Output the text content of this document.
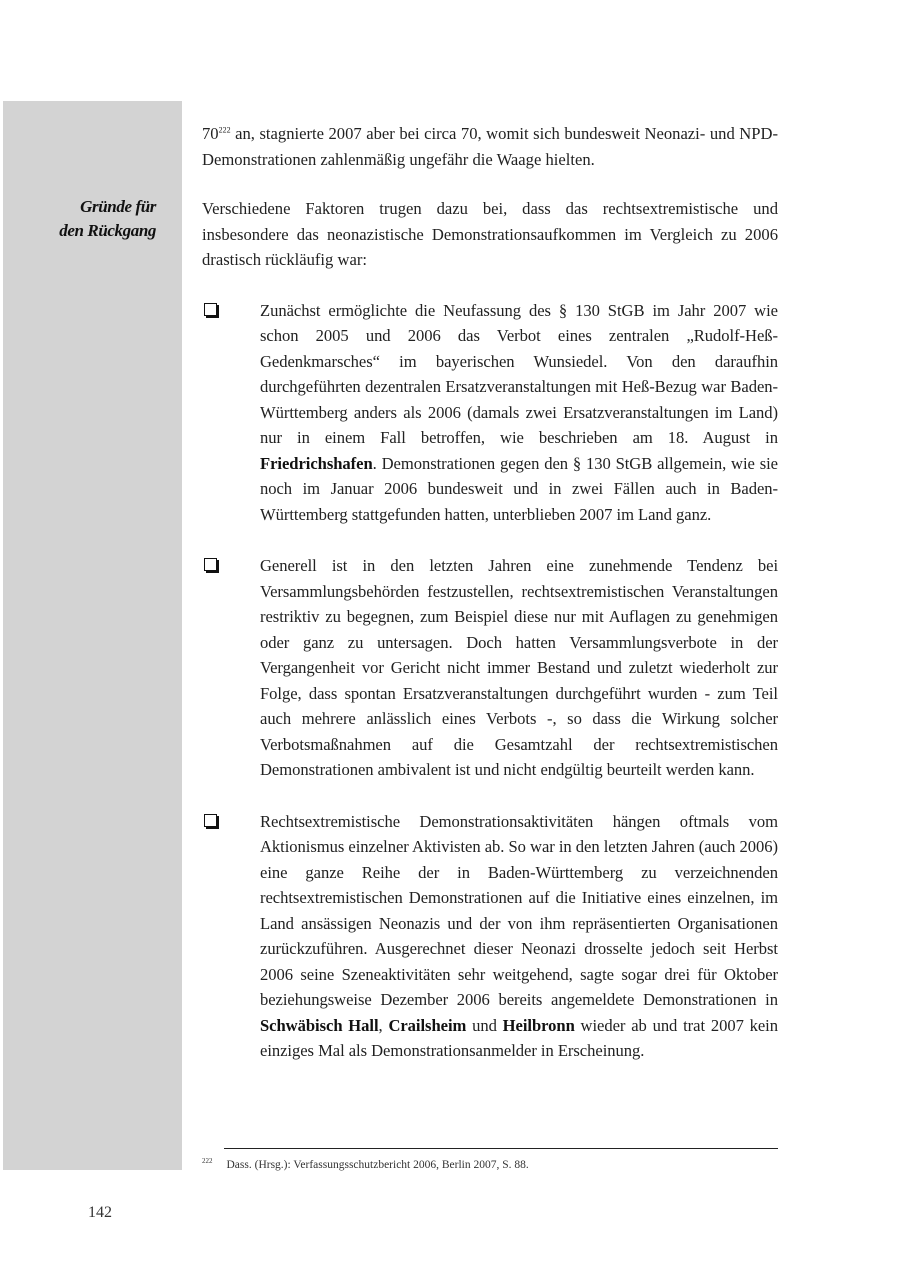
Gründe für
den Rückgang

$70^{222}$ an, stagnierte 2007 aber bei circa 70, womit sich bundesweit Neonazi- und NPD-Demonstrationen zahlenmäßig ungefähr die Waage hielten.

Verschiedene Faktoren trugen dazu bei, dass das rechtsextremistische und insbesondere das neonazistische Demonstrationsaufkommen im Vergleich zu 2006 drastisch rückläufig war:

Zunächst ermöglichte die Neufassung des § 130 StGB im Jahr 2007 wie schon 2005 und 2006 das Verbot eines zentralen „Rudolf-Heß-Gedenkmarsches“ im bayerischen Wunsiedel. Von den daraufhin durchgeführten dezentralen Ersatzveranstaltungen mit Heß-Bezug war Baden-Württemberg anders als 2006 (damals zwei Ersatzveranstaltungen im Land) nur in einem Fall betroffen, wie beschrieben am 18. August in Friedrichshafen. Demonstrationen gegen den § 130 StGB allgemein, wie sie noch im Januar 2006 bundesweit und in zwei Fällen auch in Baden-Württemberg stattgefunden hatten, unterblieben 2007 im Land ganz.

Generell ist in den letzten Jahren eine zunehmende Tendenz bei Versammlungsbehörden festzustellen, rechtsextremistischen Veranstaltungen restriktiv zu begegnen, zum Beispiel diese nur mit Auflagen zu genehmigen oder ganz zu untersagen. Doch hatten Versammlungsverbote in der Vergangenheit vor Gericht nicht immer Bestand und zuletzt wiederholt zur Folge, dass spontan Ersatzveranstaltungen durchgeführt wurden - zum Teil auch mehrere anlässlich eines Verbots -, so dass die Wirkung solcher Verbotsmaßnahmen auf die Gesamtzahl der rechtsextremistischen Demonstrationen ambivalent ist und nicht endgültig beurteilt werden kann.

Rechtsextremistische Demonstrationsaktivitäten hängen oftmals vom Aktionismus einzelner Aktivisten ab. So war in den letzten Jahren (auch 2006) eine ganze Reihe der in Baden-Württemberg zu verzeichnenden rechtsextremistischen Demonstrationen auf die Initiative eines einzelnen, im Land ansässigen Neonazis und der von ihm repräsentierten Organisationen zurückzuführen. Ausgerechnet dieser Neonazi drosselte jedoch seit Herbst 2006 seine Szeneaktivitäten sehr weitgehend, sagte sogar drei für Oktober beziehungsweise Dezember 2006 bereits angemeldete Demonstrationen in Schwäbisch Hall, Crailsheim und Heilbronn wieder ab und trat 2007 kein einziges Mal als Demonstrationsanmelder in Erscheinung.

$^{222}$ Dass. (Hrsg.): Verfassungsschutzbericht 2006, Berlin 2007, S. 88.
142
